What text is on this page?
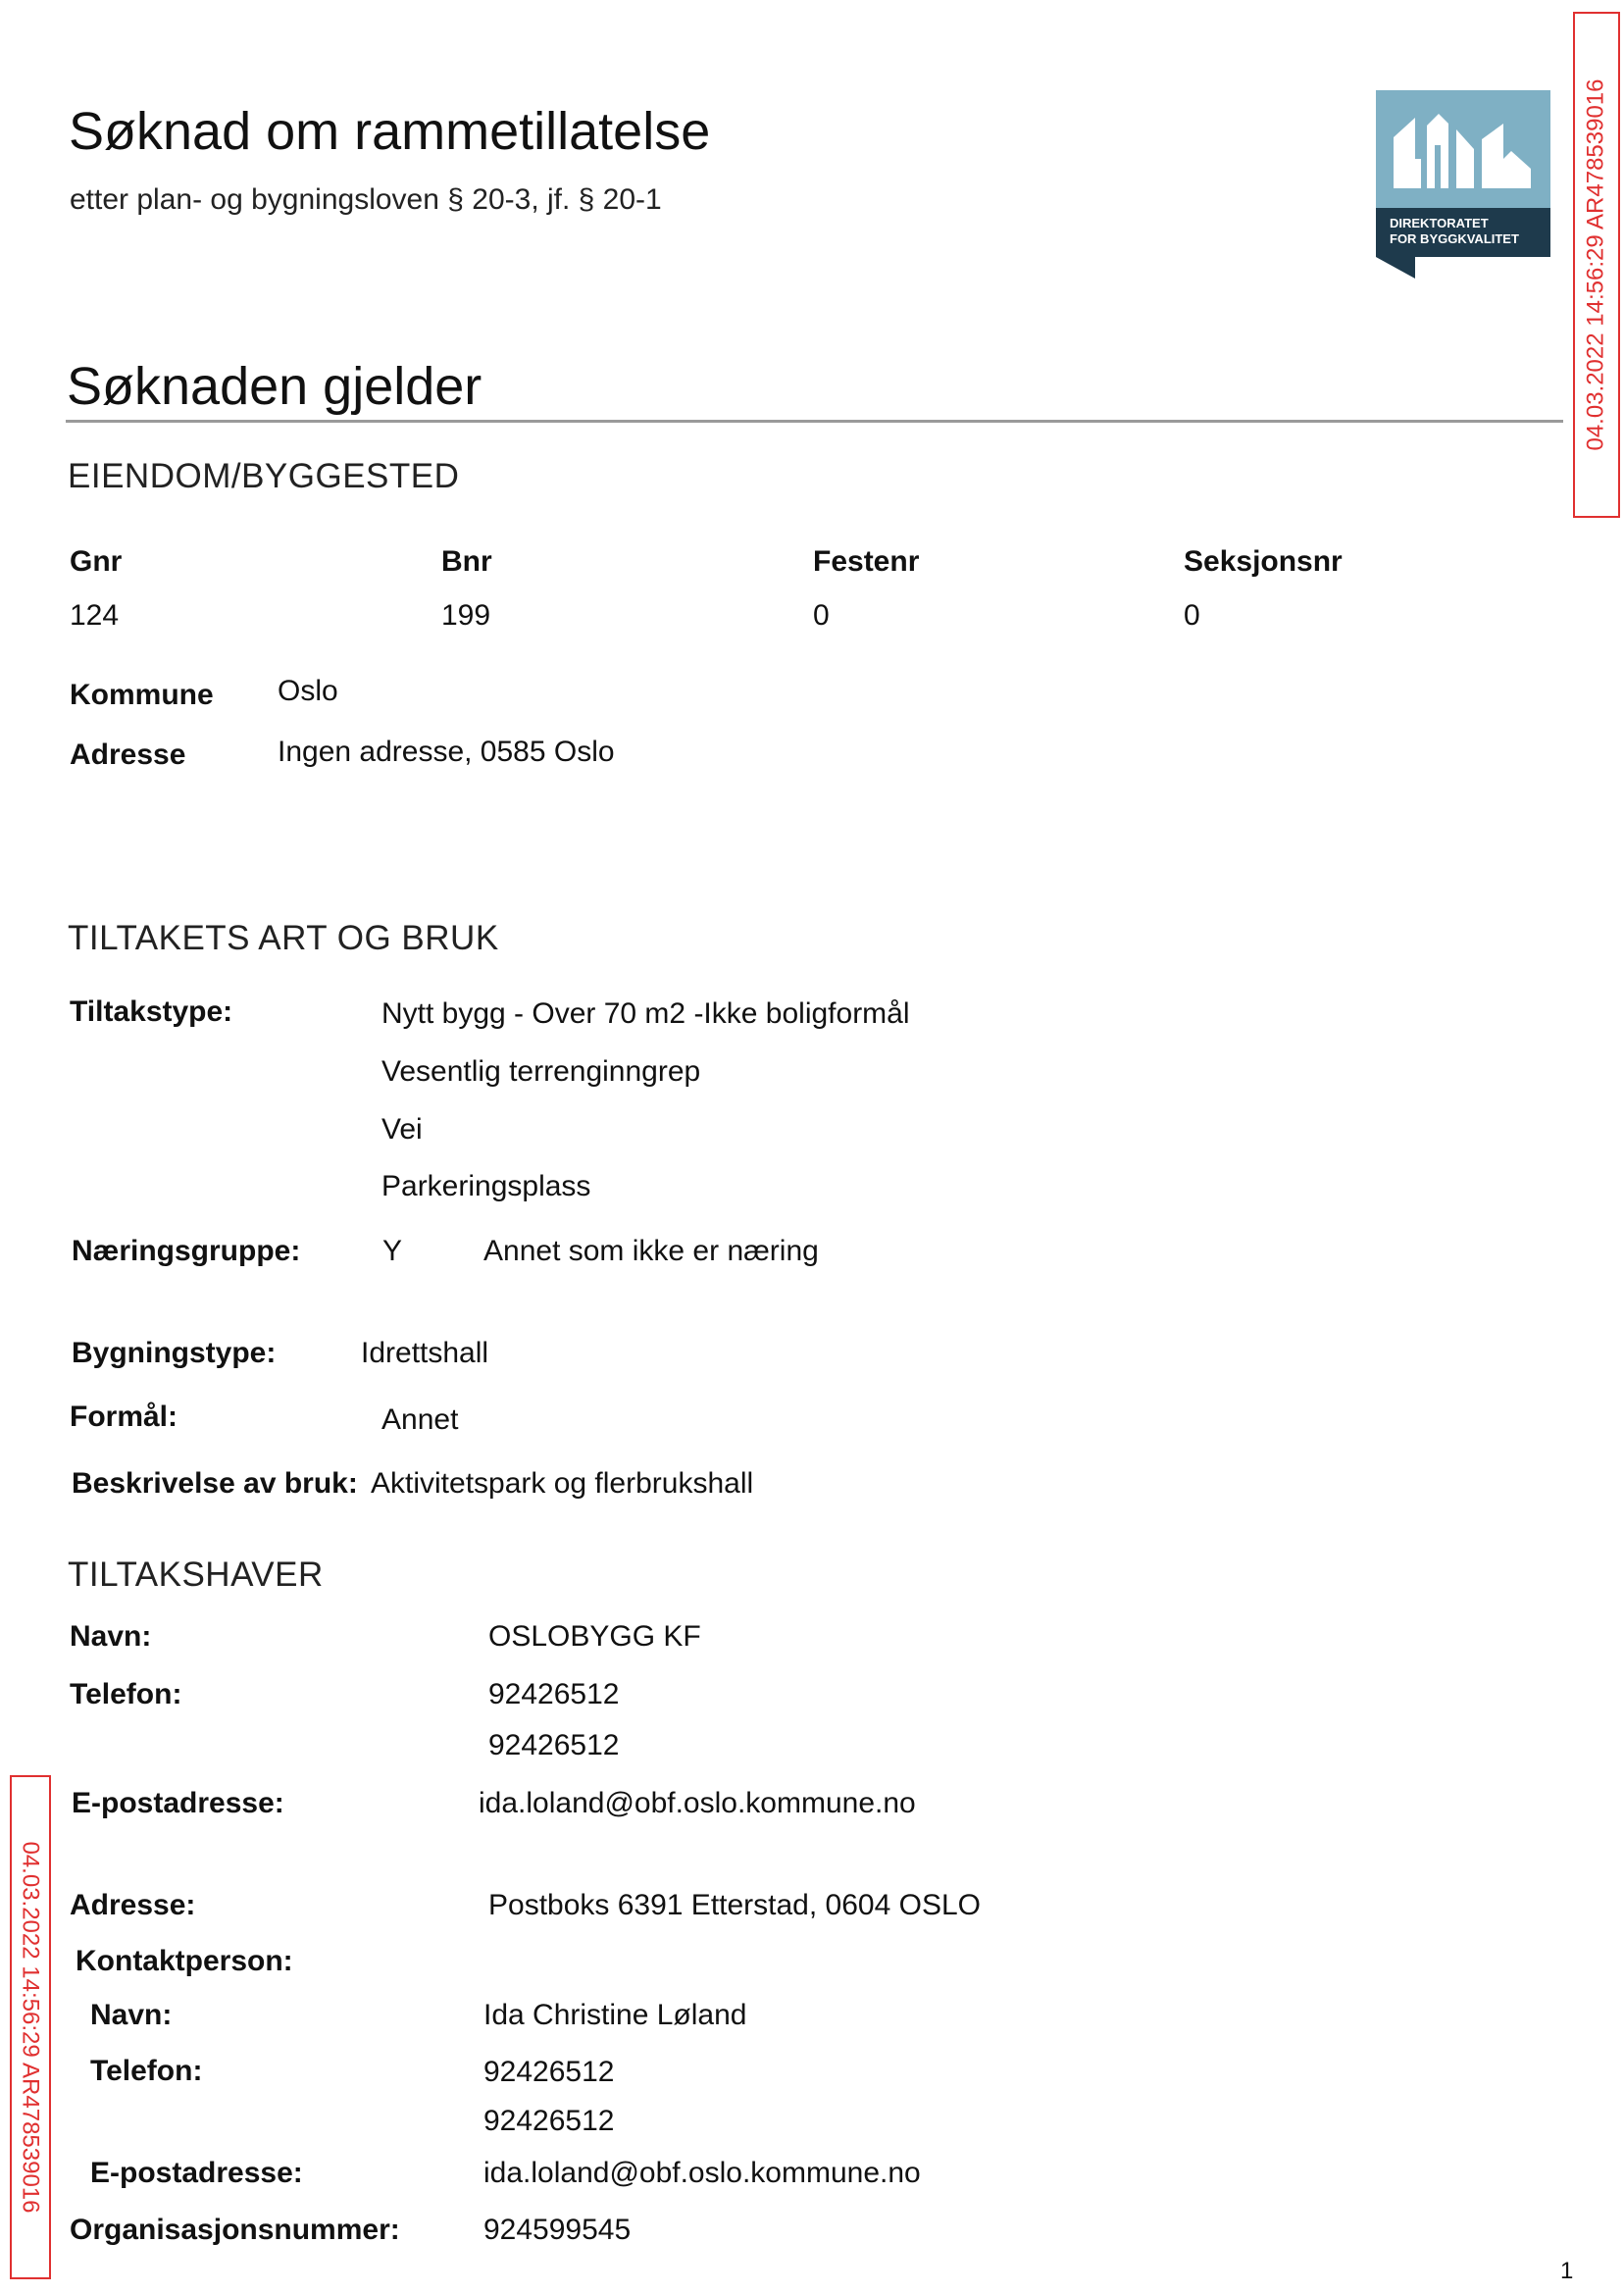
Søknad om rammetillatelse
etter plan- og bygningsloven § 20-3, jf. § 20-1
DIREKTORATET
FOR BYGGKVALITET	04.03.2022 14:56:29 AR478539016
04.03.2022 14:56:29 AR478539016
Søknaden gjelder
EIENDOM/BYGGESTED
Gnr	Bnr	Festenr	Seksjonsnr
124	199	0	0
Kommune Oslo
Adresse	Ingen adresse, 0585 Oslo
TILTAKETS ART OG BRUK
Tiltakstype:	Nytt bygg - Over 70 m2 -Ikke boligformål
Vesentlig terrenginngrep
Vei
Parkeringsplass
Næringsgruppe:	Y	Annet som ikke er næring
Bygningstype:	Idrettshall
Formål:	Annet
Beskrivelse av bruk: Aktivitetspark og flerbrukshall
TILTAKSHAVER
Navn:	OSLOBYGG KF
Telefon:	92426512
92426512
E-postadresse:	ida.loland@obf.oslo.kommune.no
Adresse:	Postboks 6391 Etterstad, 0604 OSLO
Kontaktperson:
Navn:	Ida Christine Løland
Telefon:	92426512
92426512
E-postadresse:	ida.loland@obf.oslo.kommune.no
Organisasjonsnummer:	924599545
1
